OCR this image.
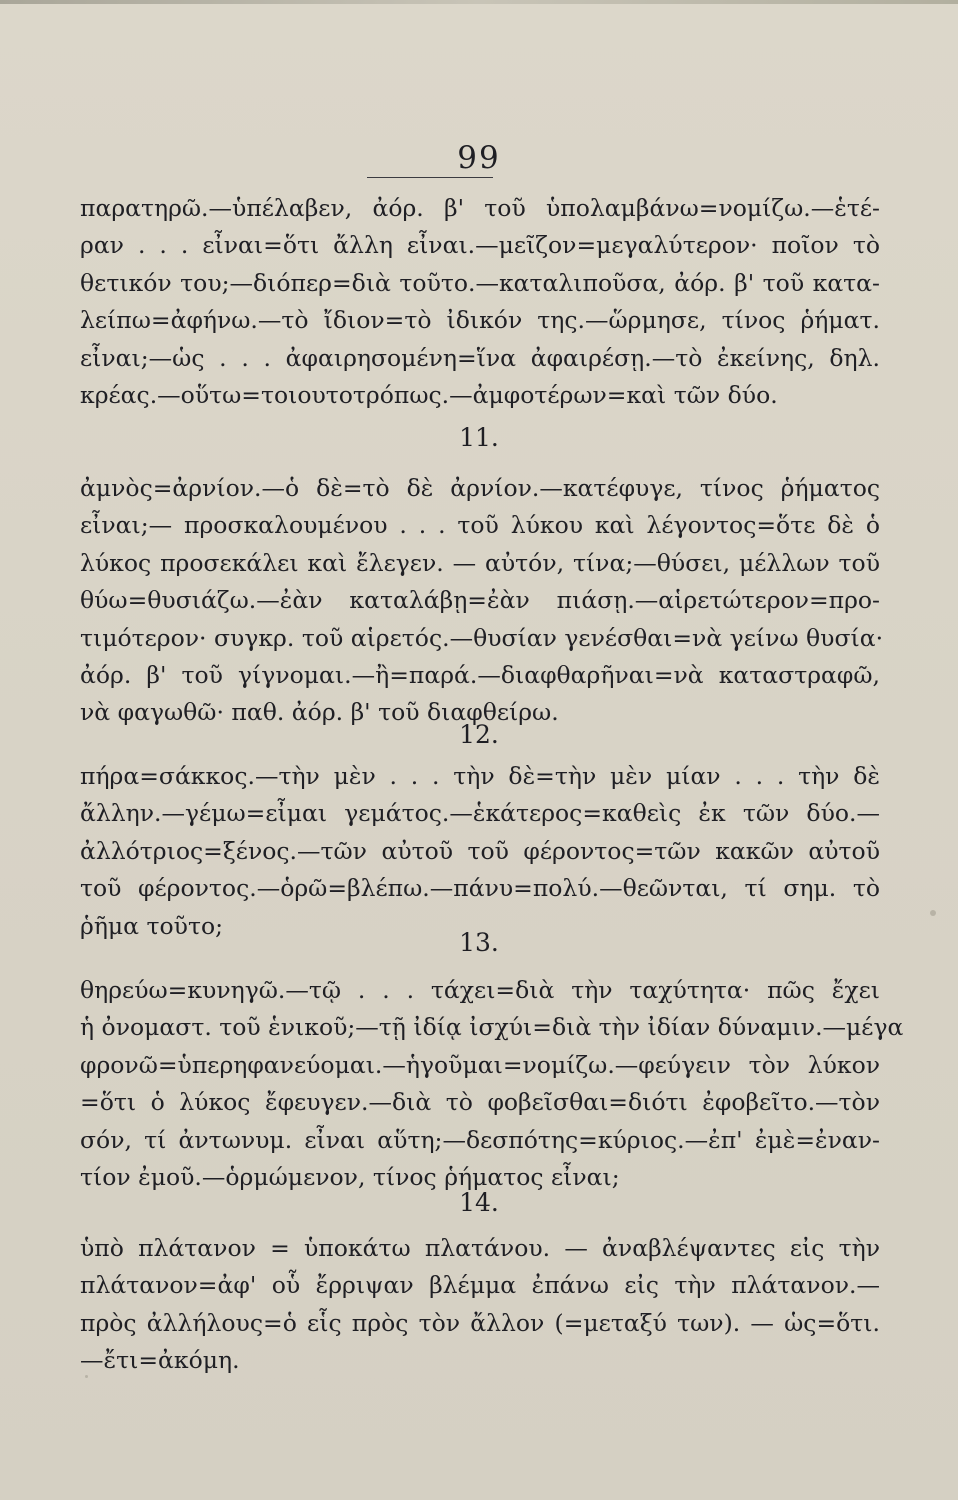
99
παρατηρῶ.—ὑπέλαβεν, ἀόρ. β' τοῦ ὑπολαμβάνω=νομίζω.—ἑτέ-
ραν . . . εἶναι=ὅτι ἄλλη εἶναι.—μεῖζον=μεγαλύτερον· ποῖον τὸ
θετικόν του;—διόπερ=διὰ τοῦτο.—καταλιποῦσα, ἀόρ. β' τοῦ κατα-
λείπω=ἀφήνω.—τὸ ἴδιον=τὸ ἰδικόν της.—ὥρμησε, τίνος ῥήματ.
εἶναι;—ὡς . . . ἀφαιρησομένη=ἵνα ἀφαιρέσῃ.—τὸ ἐκείνης, δηλ.
κρέας.—οὕτω=τοιουτοτρόπως.—ἀμφοτέρων=καὶ τῶν δύο.
11.
ἀμνὸς=ἀρνίον.—ὁ δὲ=τὸ δὲ ἀρνίον.—κατέφυγε, τίνος ῥήματος
εἶναι;— προσκαλουμένου . . . τοῦ λύκου καὶ λέγοντος=ὅτε δὲ ὁ
λύκος προσεκάλει καὶ ἔλεγεν. — αὐτόν, τίνα;—θύσει, μέλλων τοῦ
θύω=θυσιάζω.—ἐὰν καταλάβῃ=ἐὰν πιάσῃ.—αἱρετώτερον=προ-
τιμότερον· συγκρ. τοῦ αἱρετός.—θυσίαν γενέσθαι=νὰ γείνω θυσία·
ἀόρ. β' τοῦ γίγνομαι.—ἢ=παρά.—διαφθαρῆναι=νὰ καταστραφῶ,
νὰ φαγωθῶ· παθ. ἀόρ. β' τοῦ διαφθείρω.
12.
πήρα=σάκκος.—τὴν μὲν . . . τὴν δὲ=τὴν μὲν μίαν . . . τὴν δὲ
ἄλλην.—γέμω=εἶμαι γεμάτος.—ἑκάτερος=καθεὶς ἐκ τῶν δύο.—
ἀλλότριος=ξένος.—τῶν αὐτοῦ τοῦ φέροντος=τῶν κακῶν αὐτοῦ
τοῦ φέροντος.—ὁρῶ=βλέπω.—πάνυ=πολύ.—θεῶνται, τί σημ. τὸ
ῥῆμα τοῦτο;
13.
θηρεύω=κυνηγῶ.—τῷ . . . τάχει=διὰ τὴν ταχύτητα· πῶς ἔχει
ἡ ὀνομαστ. τοῦ ἑνικοῦ;—τῇ ἰδίᾳ ἰσχύι=διὰ τὴν ἰδίαν δύναμιν.—μέγα
φρονῶ=ὑπερηφανεύομαι.—ἡγοῦμαι=νομίζω.—φεύγειν τὸν λύκον
=ὅτι ὁ λύκος ἔφευγεν.—διὰ τὸ φοβεῖσθαι=διότι ἐφοβεῖτο.—τὸν
σόν, τί ἀντωνυμ. εἶναι αὕτη;—δεσπότης=κύριος.—ἐπ' ἐμὲ=ἐναν-
τίον ἐμοῦ.—ὁρμώμενον, τίνος ῥήματος εἶναι;
14.
ὑπὸ πλάτανον = ὑποκάτω πλατάνου. — ἀναβλέψαντες εἰς τὴν
πλάτανον=ἀφ' οὗ ἔρριψαν βλέμμα ἐπάνω εἰς τὴν πλάτανον.—
πρὸς ἀλλήλους=ὁ εἷς πρὸς τὸν ἄλλον (=μεταξύ των). — ὡς=ὅτι.
—ἔτι=ἀκόμη.
